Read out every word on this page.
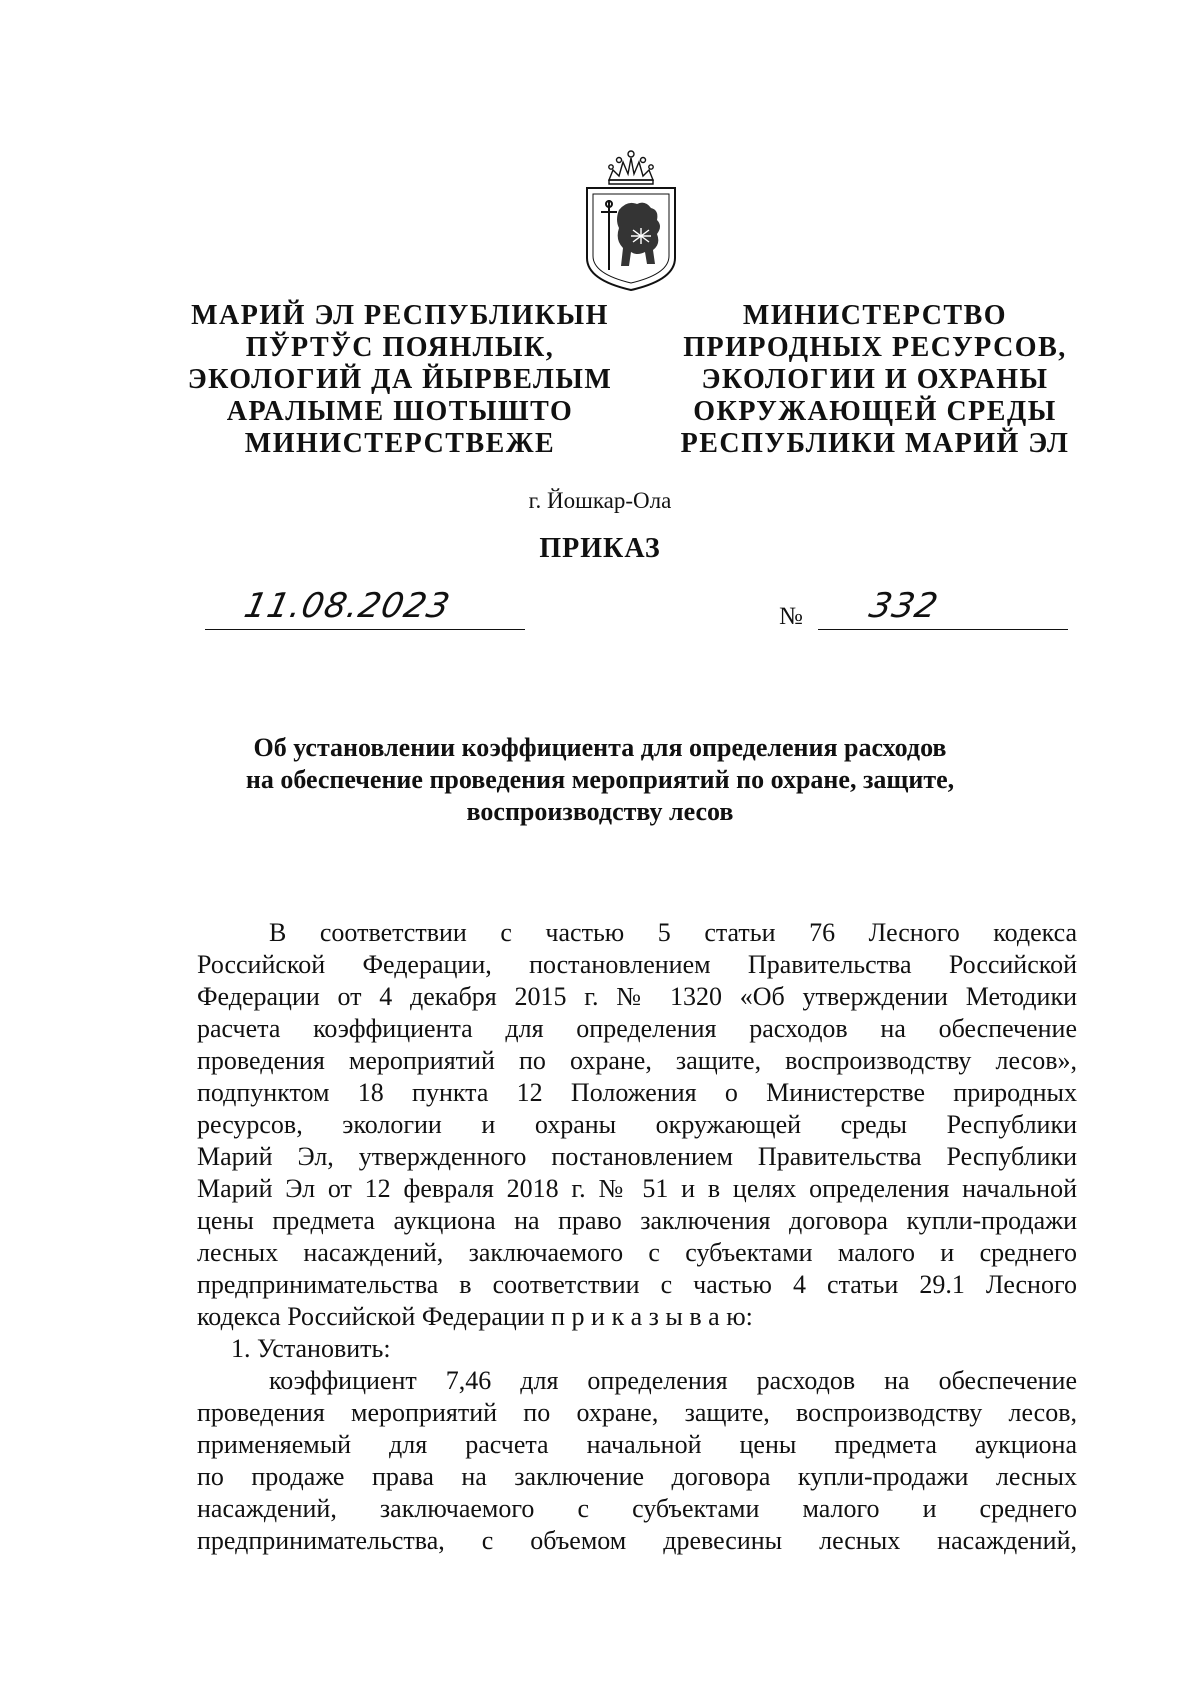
МАРИЙ ЭЛ РЕСПУБЛИКЫН
ПЎРТЎС ПОЯНЛЫК,
ЭКОЛОГИЙ ДА ЙЫРВЕЛЫМ
АРАЛЫМЕ ШОТЫШТО
МИНИСТЕРСТВЕЖЕ
МИНИСТЕРСТВО
ПРИРОДНЫХ РЕСУРСОВ,
ЭКОЛОГИИ И ОХРАНЫ
ОКРУЖАЮЩЕЙ СРЕДЫ
РЕСПУБЛИКИ МАРИЙ ЭЛ
г. Йошкар-Ола
ПРИКАЗ
11.08.2023	№ 332
Об установлении коэффициента для определения расходов
на обеспечение проведения мероприятий по охране, защите,
воспроизводству лесов
В соответствии с частью 5 статьи 76 Лесного кодекса
Российской Федерации, постановлением Правительства Российской
Федерации от 4 декабря 2015 г. № 1320 «Об утверждении Методики
расчета коэффициента для определения расходов на обеспечение
проведения мероприятий по охране, защите, воспроизводству лесов»,
подпунктом 18 пункта 12 Положения о Министерстве природных
ресурсов, экологии и охраны окружающей среды Республики
Марий Эл, утвержденного постановлением Правительства Республики
Марий Эл от 12 февраля 2018 г. № 51 и в целях определения начальной
цены предмета аукциона на право заключения договора купли-продажи
лесных насаждений, заключаемого с субъектами малого и среднего
предпринимательства в соответствии с частью 4 статьи 29.1 Лесного
кодекса Российской Федерации п р и к а з ы в а ю:
1. Установить:
коэффициент 7,46 для определения расходов на обеспечение
проведения мероприятий по охране, защите, воспроизводству лесов,
применяемый для расчета начальной цены предмета аукциона
по продаже права на заключение договора купли-продажи лесных
насаждений, заключаемого с субъектами малого и среднего
предпринимательства, с объемом древесины лесных насаждений,
